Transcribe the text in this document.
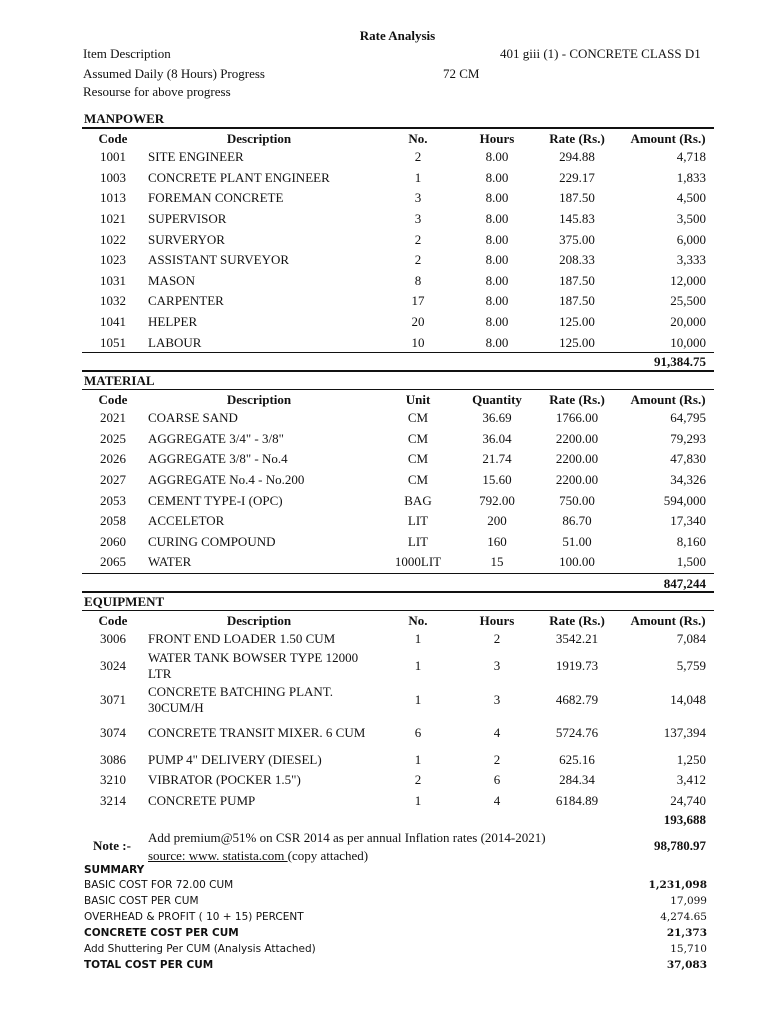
Rate Analysis
Item Description	401 giii (1) - CONCRETE CLASS D1
Assumed Daily (8 Hours) Progress	72 CM
Resourse for above progress
MANPOWER
Code	Description	No.	Hours	Rate (Rs.)	Amount (Rs.)
1001	SITE ENGINEER	2	8.00	294.88	4,718
1003	CONCRETE PLANT ENGINEER	1	8.00	229.17	1,833
1013	FOREMAN CONCRETE	3	8.00	187.50	4,500
1021	SUPERVISOR	3	8.00	145.83	3,500
1022	SURVERYOR	2	8.00	375.00	6,000
1023	ASSISTANT SURVEYOR	2	8.00	208.33	3,333
1031	MASON	8	8.00	187.50	12,000
1032	CARPENTER	17	8.00	187.50	25,500
1041	HELPER	20	8.00	125.00	20,000
1051	LABOUR	10	8.00	125.00	10,000
91,384.75
MATERIAL
Code	Description	Unit	Quantity	Rate (Rs.)	Amount (Rs.)
2021	COARSE SAND	CM	36.69	1766.00	64,795
2025	AGGREGATE 3/4" - 3/8"	CM	36.04	2200.00	79,293
2026	AGGREGATE 3/8" - No.4	CM	21.74	2200.00	47,830
2027	AGGREGATE No.4 - No.200	CM	15.60	2200.00	34,326
2053	CEMENT TYPE-I (OPC)	BAG	792.00	750.00	594,000
2058	ACCELETOR	LIT	200	86.70	17,340
2060	CURING COMPOUND	LIT	160	51.00	8,160
2065	WATER	1000LIT	15	100.00	1,500
847,244
EQUIPMENT
Code	Description	No.	Hours	Rate (Rs.)	Amount (Rs.)
3006	FRONT END LOADER 1.50 CUM	1	2	3542.21	7,084
3024	WATER TANK BOWSER TYPE 12000 LTR	1	3	1919.73	5,759
3071	CONCRETE BATCHING PLANT. 30CUM/H	1	3	4682.79	14,048
3074	CONCRETE TRANSIT MIXER. 6 CUM	6	4	5724.76	137,394
3086	PUMP 4" DELIVERY (DIESEL)	1	2	625.16	1,250
3210	VIBRATOR (POCKER 1.5")	2	6	284.34	3,412
3214	CONCRETE PUMP	1	4	6184.89	24,740
193,688
Note :-
Add premium@51% on CSR 2014 as per annual Inflation rates (2014-2021)
source: www. statista.com (copy attached)
98,780.97
SUMMARY
BASIC COST FOR 72.00 CUM	1,231,098
BASIC COST PER CUM	17,099
OVERHEAD & PROFIT ( 10 + 15) PERCENT	4,274.65
CONCRETE COST PER CUM	21,373
Add Shuttering Per CUM (Analysis Attached)	15,710
TOTAL COST PER CUM	37,083
